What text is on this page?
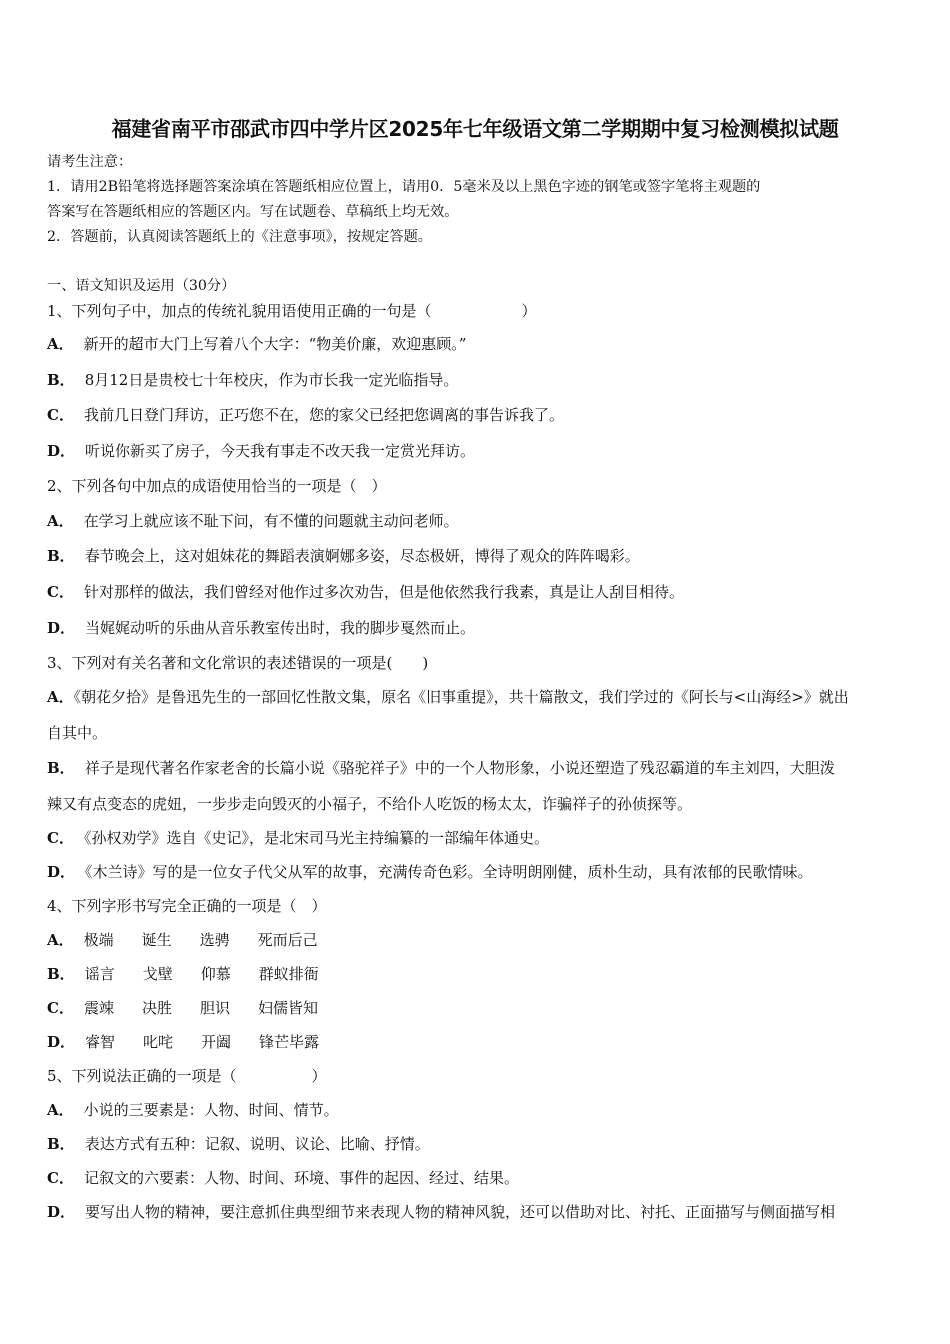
福建省南平市邵武市四中学片区2025年七年级语文第二学期期中复习检测模拟试题
请考生注意：
1．请用2B铅笔将选择题答案涂填在答题纸相应位置上，请用0．5毫米及以上黑色字迹的钢笔或签字笔将主观题的
答案写在答题纸相应的答题区内。写在试题卷、草稿纸上均无效。
2．答题前，认真阅读答题纸上的《注意事项》，按规定答题。
一、语文知识及运用（30分）
1、下列句子中，加点的传统礼貌用语使用正确的一句是（　　　　　　）
A． 新开的超市大门上写着八个大字：“物美价廉，欢迎惠顾。”
B． 8月12日是贵校七十年校庆，作为市长我一定光临指导。
C． 我前几日登门拜访，正巧您不在，您的家父已经把您调离的事告诉我了。
D． 听说你新买了房子，今天我有事走不改天我一定赏光拜访。
2、下列各句中加点的成语使用恰当的一项是（　）
A． 在学习上就应该不耻下问，有不懂的问题就主动问老师。
B． 春节晚会上，这对姐妹花的舞蹈表演婀娜多姿，尽态极妍，博得了观众的阵阵喝彩。
C． 针对那样的做法，我们曾经对他作过多次劝告，但是他依然我行我素，真是让人刮目相待。
D． 当娓娓动听的乐曲从音乐教室传出时，我的脚步戛然而止。
3、下列对有关名著和文化常识的表述错误的一项是(　　)
A．《朝花夕拾》是鲁迅先生的一部回忆性散文集，原名《旧事重提》，共十篇散文，我们学过的《阿长与<山海经>》就出
自其中。
B． 祥子是现代著名作家老舍的长篇小说《骆驼祥子》中的一个人物形象，小说还塑造了残忍霸道的车主刘四，大胆泼
辣又有点变态的虎妞，一步步走向毁灭的小福子，不给仆人吃饭的杨太太，诈骗祥子的孙侦探等。
C． 《孙权劝学》选自《史记》，是北宋司马光主持编纂的一部编年体通史。
D． 《木兰诗》写的是一位女子代父从军的故事，充满传奇色彩。全诗明朗刚健，质朴生动，具有浓郁的民歌情味。
4、下列字形书写完全正确的一项是（　）
A． 极端 诞生 选骋 死而后己
B． 谣言 戈壁 仰慕 群蚁排衙
C． 震竦 决胜 胆识 妇儒皆知
D． 睿智 叱咤 开阖 锋芒毕露
5、下列说法正确的一项是（　　　　　）
A． 小说的三要素是：人物、时间、情节。
B． 表达方式有五种：记叙、说明、议论、比喻、抒情。
C． 记叙文的六要素：人物、时间、环境、事件的起因、经过、结果。
D． 要写出人物的精神，要注意抓住典型细节来表现人物的精神风貌，还可以借助对比、衬托、正面描写与侧面描写相
